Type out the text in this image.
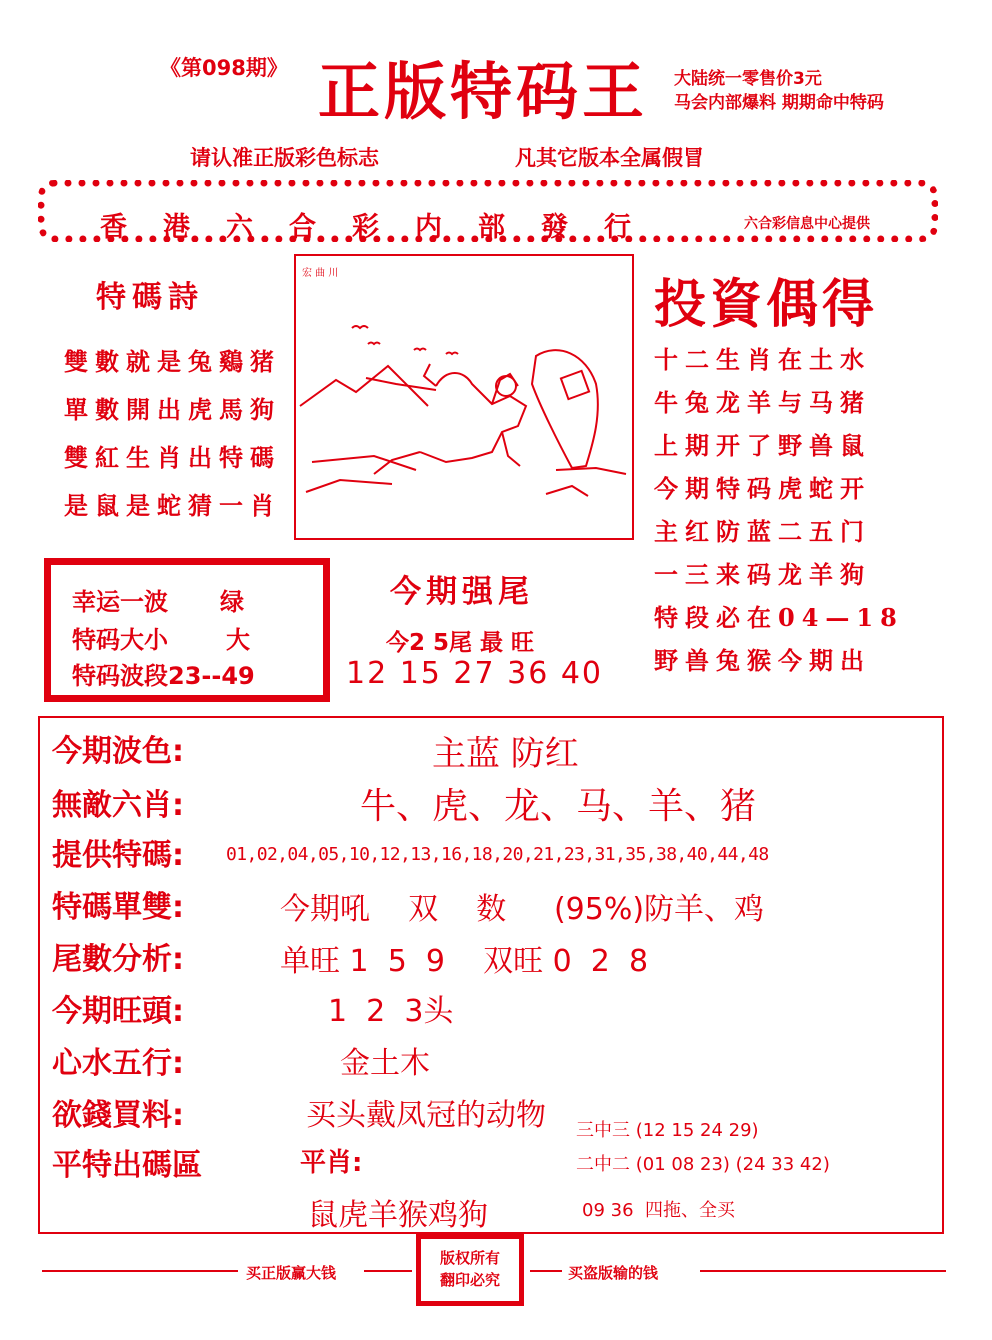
《第098期》 正版特码王 大陆统一零售价3元
马会内部爆料 期期命中特码
请认准正版彩色标志	凡其它版本全属假冒
香港六合彩内部發行	六合彩信息中心提供
特碼詩
雙數就是兔鷄猪
單數開出虎馬狗
雙紅生肖出特碼
是鼠是蛇猜一肖
宏 曲 川
投資偶得
十二生肖在土水
牛兔龙羊与马猪
上期开了野兽鼠
今期特码虎蛇开
主红防蓝二五门
一三来码龙羊狗
特段必在04—18
野兽兔猴今期出
幸运一波 绿
特码大小 大
特码波段23--49
今期强尾
今2 5尾 最 旺
12 15 27 36 40
今期波色:	主蓝 防红
無敵六肖:	牛、虎、龙、马、羊、猪
提供特碼: 01,02,04,05,10,12,13,16,18,20,21,23,31,35,38,40,44,48
特碼單雙:	今期吼    双    数     (95%)防羊、鸡
尾數分析:	单旺 1  5  9    双旺 0  2  8
今期旺頭:	1  2  3头
心水五行:	金土木
欲錢買料:	买头戴凤冠的动物
平特出碼區	平肖:
鼠虎羊猴鸡狗
三中三 (12 15 24 29)
二中二 (01 08 23) (24 33 42)
09 36  四拖、全买
买正版赢大钱
版权所有
翻印必究	买盗版输的钱
